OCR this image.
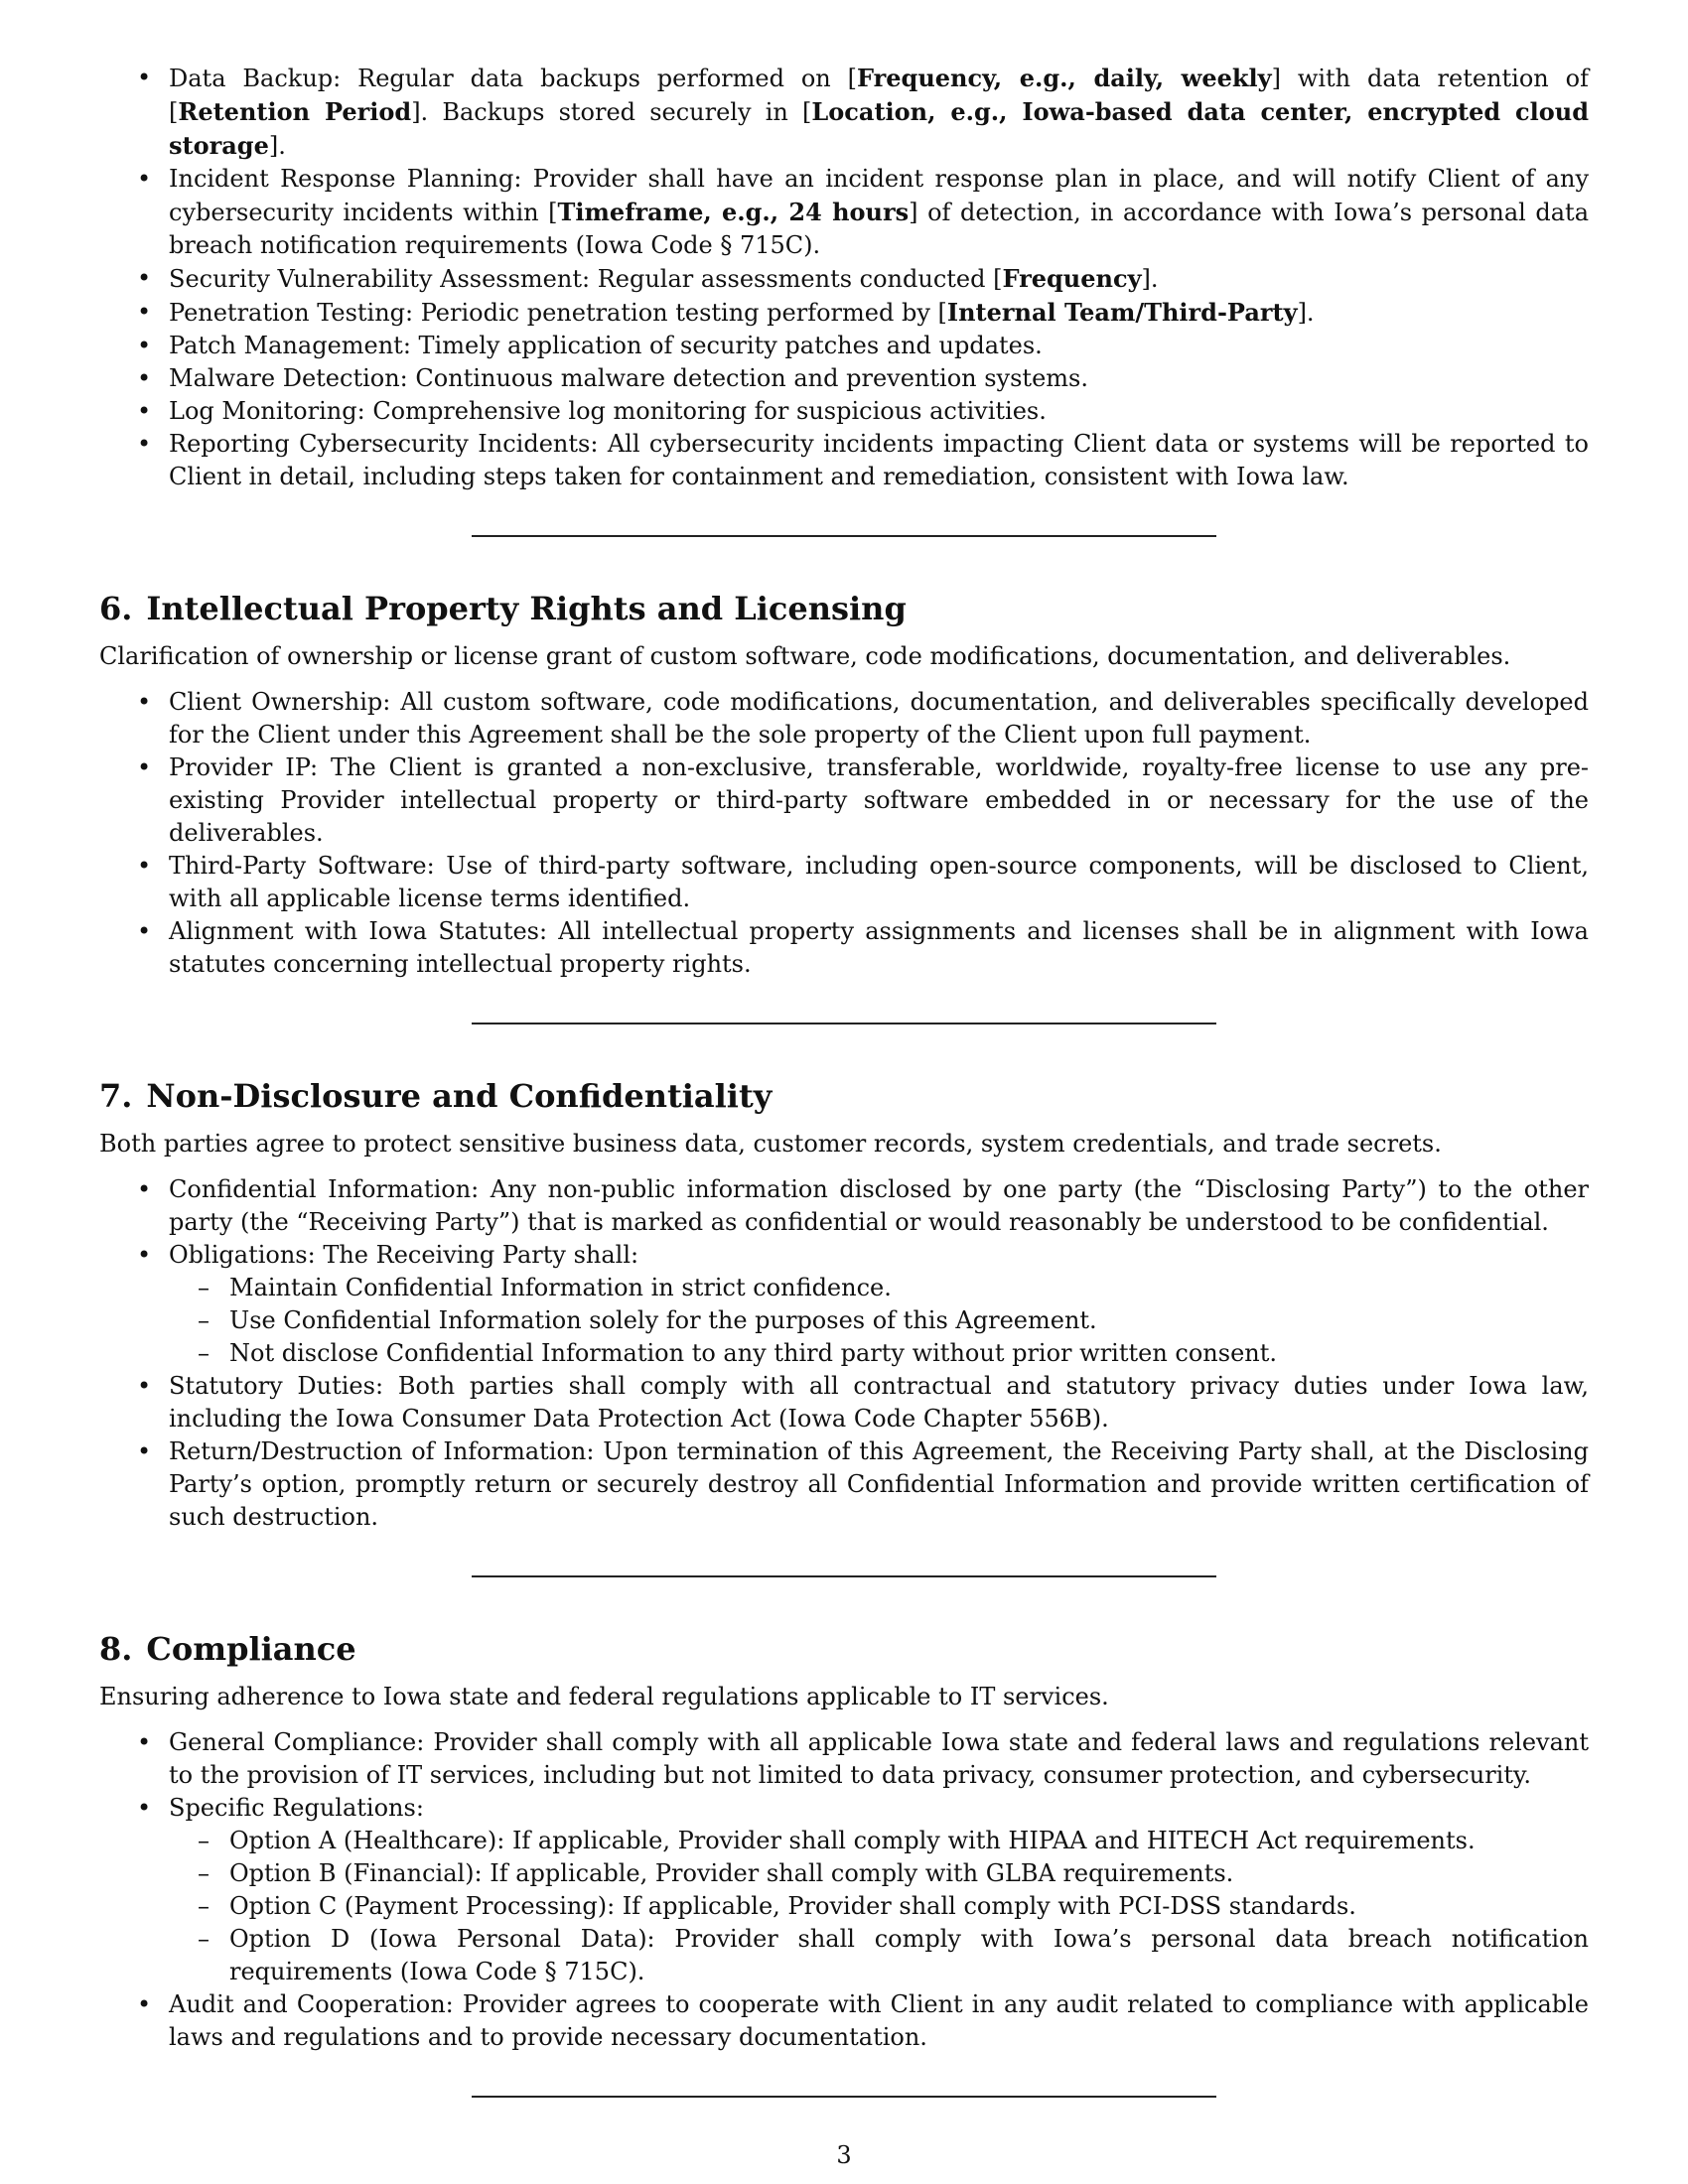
• Data Backup: Regular data backups performed on [Frequency, e.g., daily, weekly] with data retention of [Retention Period]. Backups stored securely in [Location, e.g., Iowa-based data center, encrypted cloud storage].
• Incident Response Planning: Provider shall have an incident response plan in place, and will notify Client of any cybersecurity incidents within [Timeframe, e.g., 24 hours] of detection, in accordance with Iowa’s personal data breach notification requirements (Iowa Code § 715C).
• Security Vulnerability Assessment: Regular assessments conducted [Frequency].
• Penetration Testing: Periodic penetration testing performed by [Internal Team/Third-Party].
• Patch Management: Timely application of security patches and updates.
• Malware Detection: Continuous malware detection and prevention systems.
• Log Monitoring: Comprehensive log monitoring for suspicious activities.
• Reporting Cybersecurity Incidents: All cybersecurity incidents impacting Client data or systems will be reported to Client in detail, including steps taken for containment and remediation, consistent with Iowa law.
6. Intellectual Property Rights and Licensing

Clarification of ownership or license grant of custom software, code modifications, documentation, and deliverables.

• Client Ownership: All custom software, code modifications, documentation, and deliverables specifically developed for the Client under this Agreement shall be the sole property of the Client upon full payment.
• Provider IP: The Client is granted a non-exclusive, transferable, worldwide, royalty-free license to use any pre-existing Provider intellectual property or third-party software embedded in or necessary for the use of the deliverables.
• Third-Party Software: Use of third-party software, including open-source components, will be disclosed to Client, with all applicable license terms identified.
• Alignment with Iowa Statutes: All intellectual property assignments and licenses shall be in alignment with Iowa statutes concerning intellectual property rights.
7. Non-Disclosure and Confidentiality

Both parties agree to protect sensitive business data, customer records, system credentials, and trade secrets.

• Confidential Information: Any non-public information disclosed by one party (the “Disclosing Party”) to the other party (the “Receiving Party”) that is marked as confidential or would reasonably be understood to be confidential.
• Obligations: The Receiving Party shall:
– Maintain Confidential Information in strict confidence.
– Use Confidential Information solely for the purposes of this Agreement.
– Not disclose Confidential Information to any third party without prior written consent.
• Statutory Duties: Both parties shall comply with all contractual and statutory privacy duties under Iowa law, including the Iowa Consumer Data Protection Act (Iowa Code Chapter 556B).
• Return/Destruction of Information: Upon termination of this Agreement, the Receiving Party shall, at the Disclosing Party’s option, promptly return or securely destroy all Confidential Information and provide written certification of such destruction.
8. Compliance

Ensuring adherence to Iowa state and federal regulations applicable to IT services.

• General Compliance: Provider shall comply with all applicable Iowa state and federal laws and regulations relevant to the provision of IT services, including but not limited to data privacy, consumer protection, and cybersecurity.
• Specific Regulations:
– Option A (Healthcare): If applicable, Provider shall comply with HIPAA and HITECH Act requirements.
– Option B (Financial): If applicable, Provider shall comply with GLBA requirements.
– Option C (Payment Processing): If applicable, Provider shall comply with PCI-DSS standards.
– Option D (Iowa Personal Data): Provider shall comply with Iowa’s personal data breach notification requirements (Iowa Code § 715C).
• Audit and Cooperation: Provider agrees to cooperate with Client in any audit related to compliance with applicable laws and regulations and to provide necessary documentation.
3
